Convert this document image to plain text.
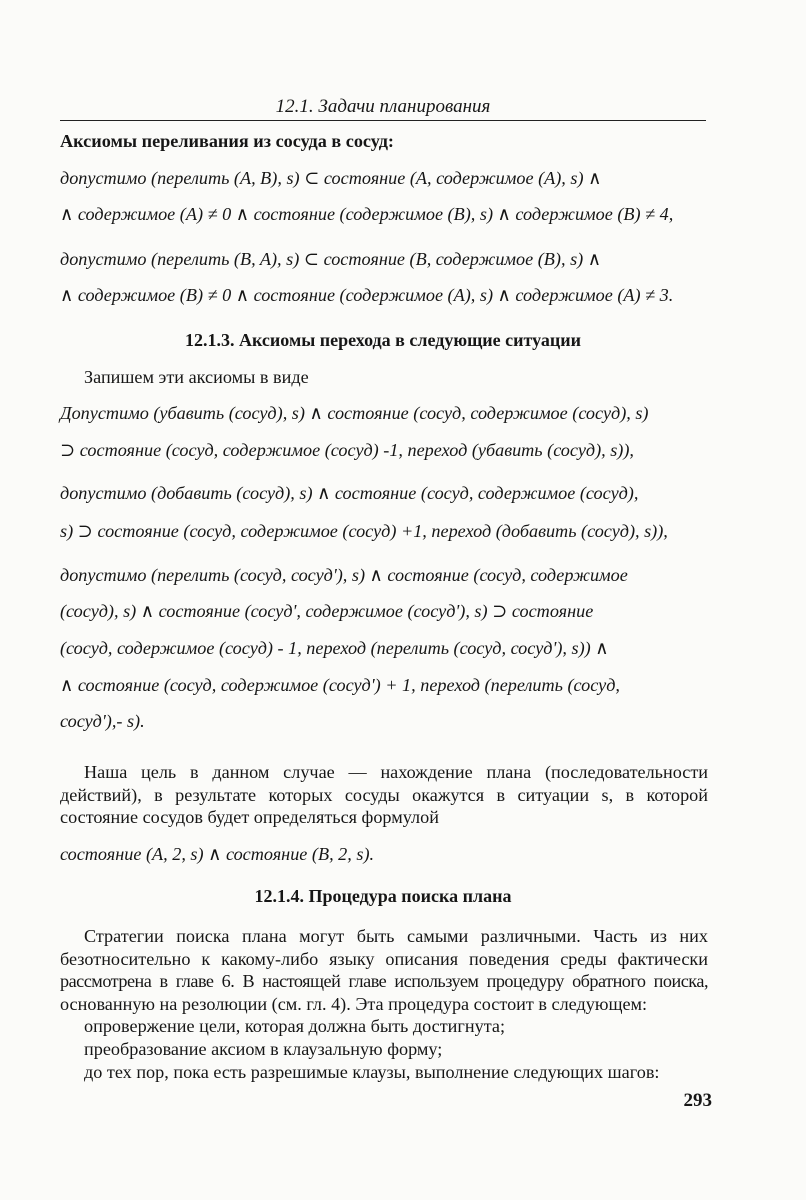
12.1. Задачи планирования
Аксиомы переливания из сосуда в сосуд:
допустимо (перелить (A, B), s) ⊂ состояние (A, содержимое (A), s) ∧
∧ содержимое (A) ≠ 0 ∧ состояние (содержимое (B), s) ∧ содержимое (B) ≠ 4,
допустимо (перелить (B, A), s) ⊂ состояние (B, содержимое (B), s) ∧
∧ содержимое (B) ≠ 0 ∧ состояние (содержимое (A), s) ∧ содержимое (A) ≠ 3.
12.1.3. Аксиомы перехода в следующие ситуации
Запишем эти аксиомы в виде
Допустимо (убавить (сосуд), s) ∧ состояние (сосуд, содержимое (сосуд), s)
⊃ состояние (сосуд, содержимое (сосуд) -1, переход (убавить (сосуд), s)),
допустимо (добавить (сосуд), s) ∧ состояние (сосуд, содержимое (сосуд),
s) ⊃ состояние (сосуд, содержимое (сосуд) +1, переход (добавить (сосуд), s)),
допустимо (перелить (сосуд, сосуд'), s) ∧ состояние (сосуд, содержимое
(сосуд), s) ∧ состояние (сосуд', содержимое (сосуд'), s) ⊃ состояние
(сосуд, содержимое (сосуд) - 1, переход (перелить (сосуд, сосуд'), s)) ∧
∧ состояние (сосуд, содержимое (сосуд') + 1, переход (перелить (сосуд,
сосуд'),- s).
Наша цель в данном случае — нахождение плана (последовательности
действий), в результате которых сосуды окажутся в ситуации s, в которой
состояние сосудов будет определяться формулой
состояние (A, 2, s) ∧ состояние (B, 2, s).
12.1.4. Процедура поиска плана
Стратегии поиска плана могут быть самыми различными. Часть из них
безотносительно к какому-либо языку описания поведения среды фактически
рассмотрена в главе 6. В настоящей главе используем процедуру обратного поиска,
основанную на резолюции (см. гл. 4). Эта процедура состоит в следующем:
опровержение цели, которая должна быть достигнута;
преобразование аксиом в клаузальную форму;
до тех пор, пока есть разрешимые клаузы, выполнение следующих шагов:
293
